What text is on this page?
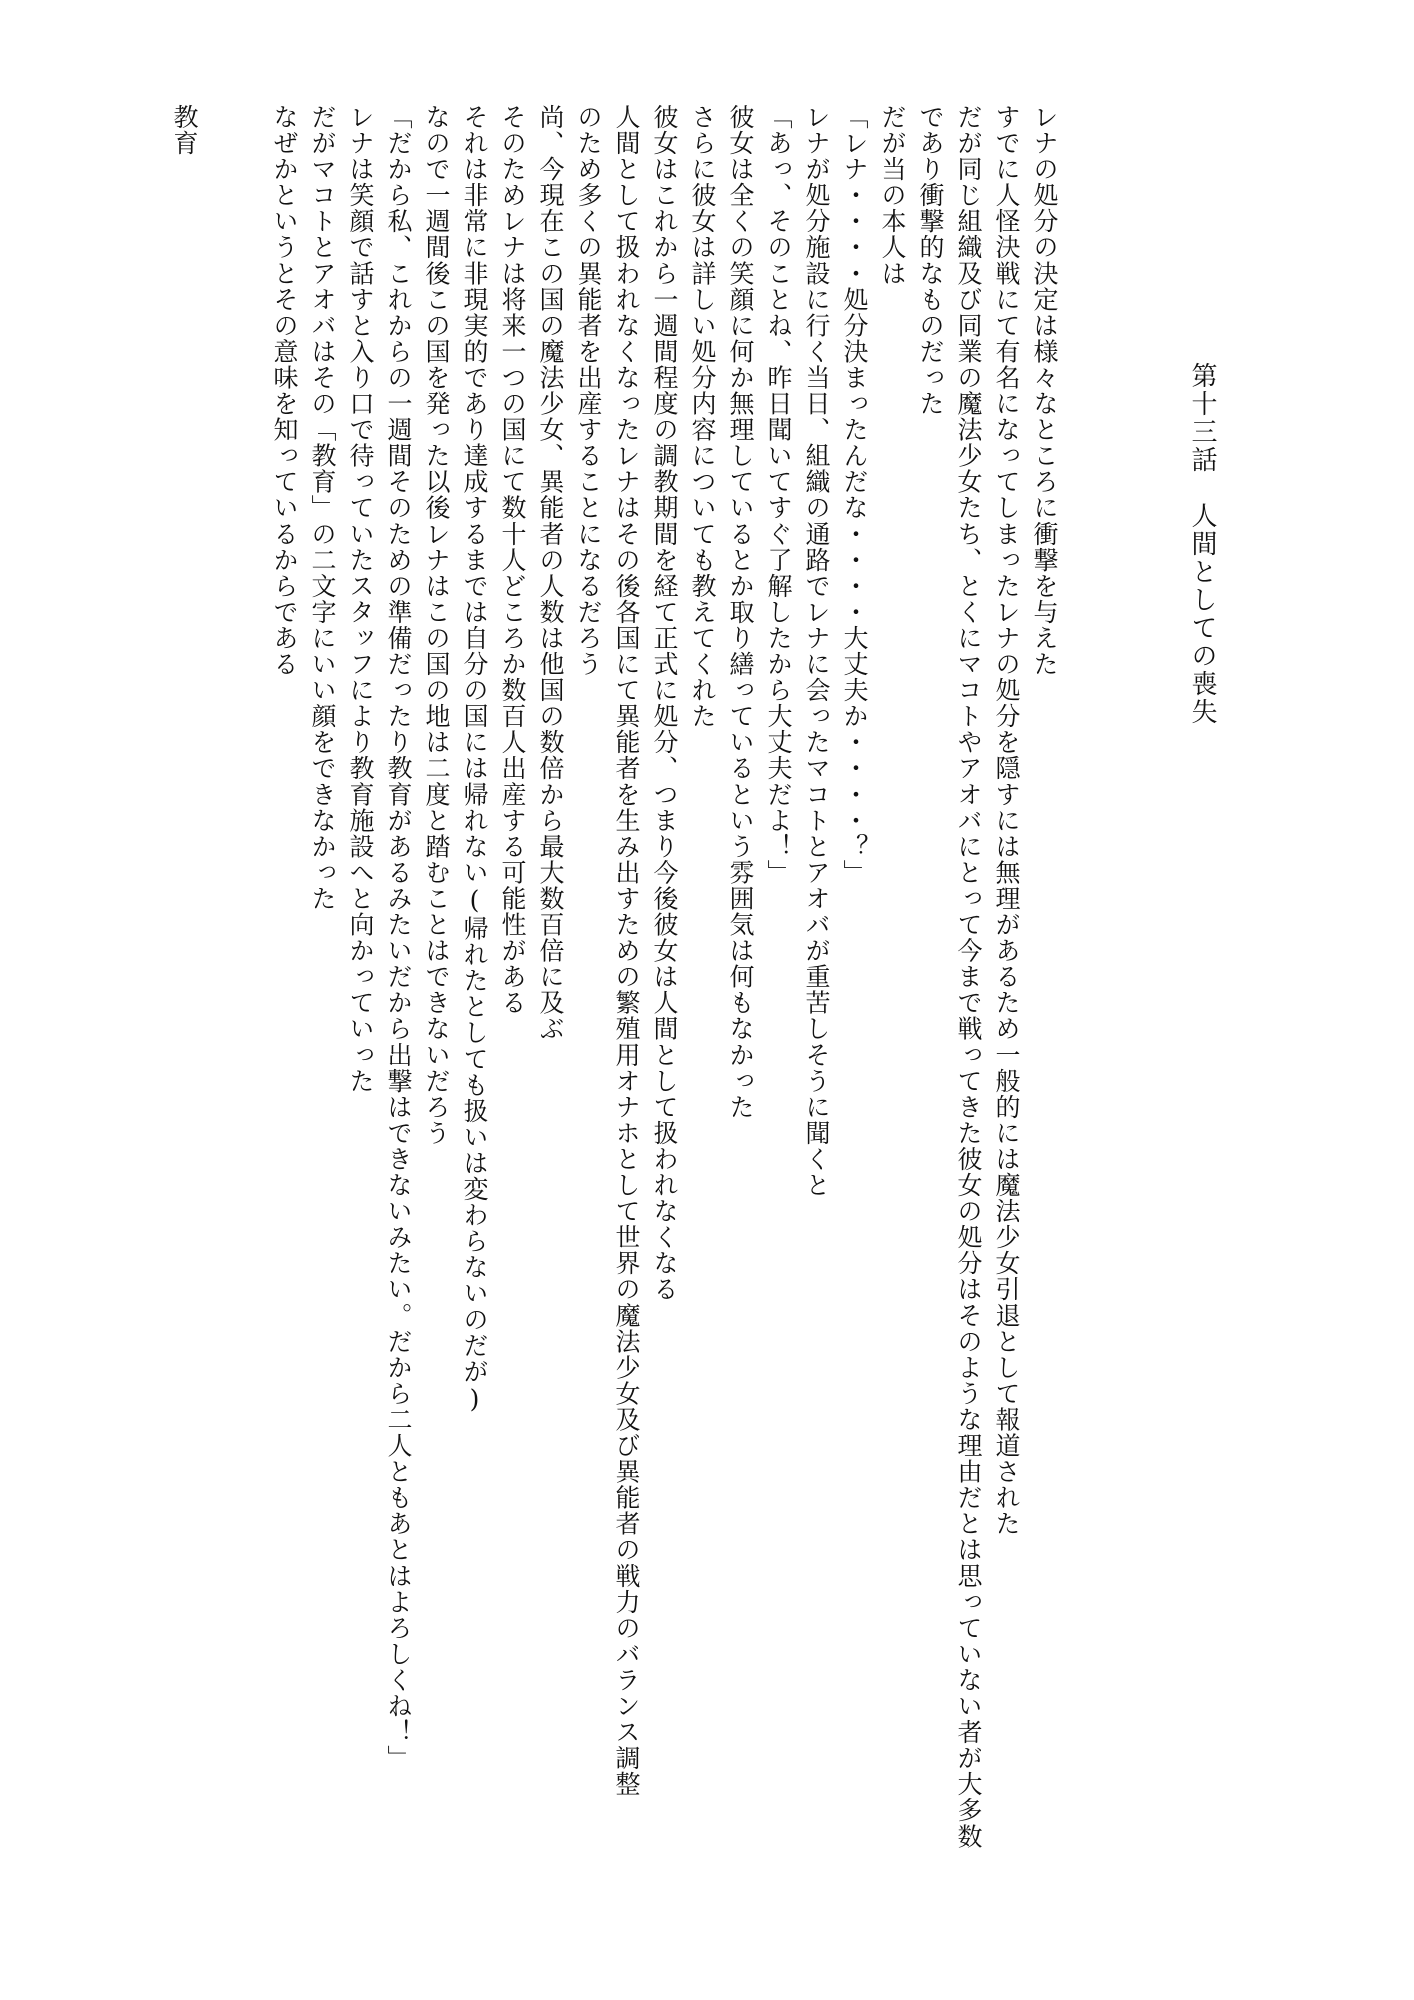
第十三話　人間としての喪失
レナの処分の決定は様々なところに衝撃を与えた
すでに人怪決戦にて有名になってしまったレナの処分を隠すには無理があるため一般的には魔法少女引退として報道された
だが同じ組織及び同業の魔法少女たち、とくにマコトやアオバにとって今まで戦ってきた彼女の処分はそのような理由だとは思っていない者が大多数
であり衝撃的なものだった
だが当の本人は
「レナ・・・・処分決まったんだな・・・・大丈夫か・・・・？」
レナが処分施設に行く当日、組織の通路でレナに会ったマコトとアオバが重苦しそうに聞くと
「あっ、そのことね、昨日聞いてすぐ了解したから大丈夫だよ！」
彼女は全くの笑顔に何か無理しているとか取り繕っているという雰囲気は何もなかった
さらに彼女は詳しい処分内容についても教えてくれた
彼女はこれから一週間程度の調教期間を経て正式に処分、つまり今後彼女は人間として扱われなくなる
人間として扱われなくなったレナはその後各国にて異能者を生み出すための繁殖用オナホとして世界の魔法少女及び異能者の戦力のバランス調整
のため多くの異能者を出産することになるだろう
尚、今現在この国の魔法少女、異能者の人数は他国の数倍から最大数百倍に及ぶ
そのためレナは将来一つの国にて数十人どころか数百人出産する可能性がある
それは非常に非現実的であり達成するまでは自分の国には帰れない(帰れたとしても扱いは変わらないのだが)
なので一週間後この国を発った以後レナはこの国の地は二度と踏むことはできないだろう
「だから私、これからの一週間そのための準備だったり教育があるみたいだから出撃はできないみたい。だから二人ともあとはよろしくね！」
レナは笑顔で話すと入り口で待っていたスタッフにより教育施設へと向かっていった
だがマコトとアオバはその「教育」の二文字にいい顔をできなかった
なぜかというとその意味を知っているからである
教育
